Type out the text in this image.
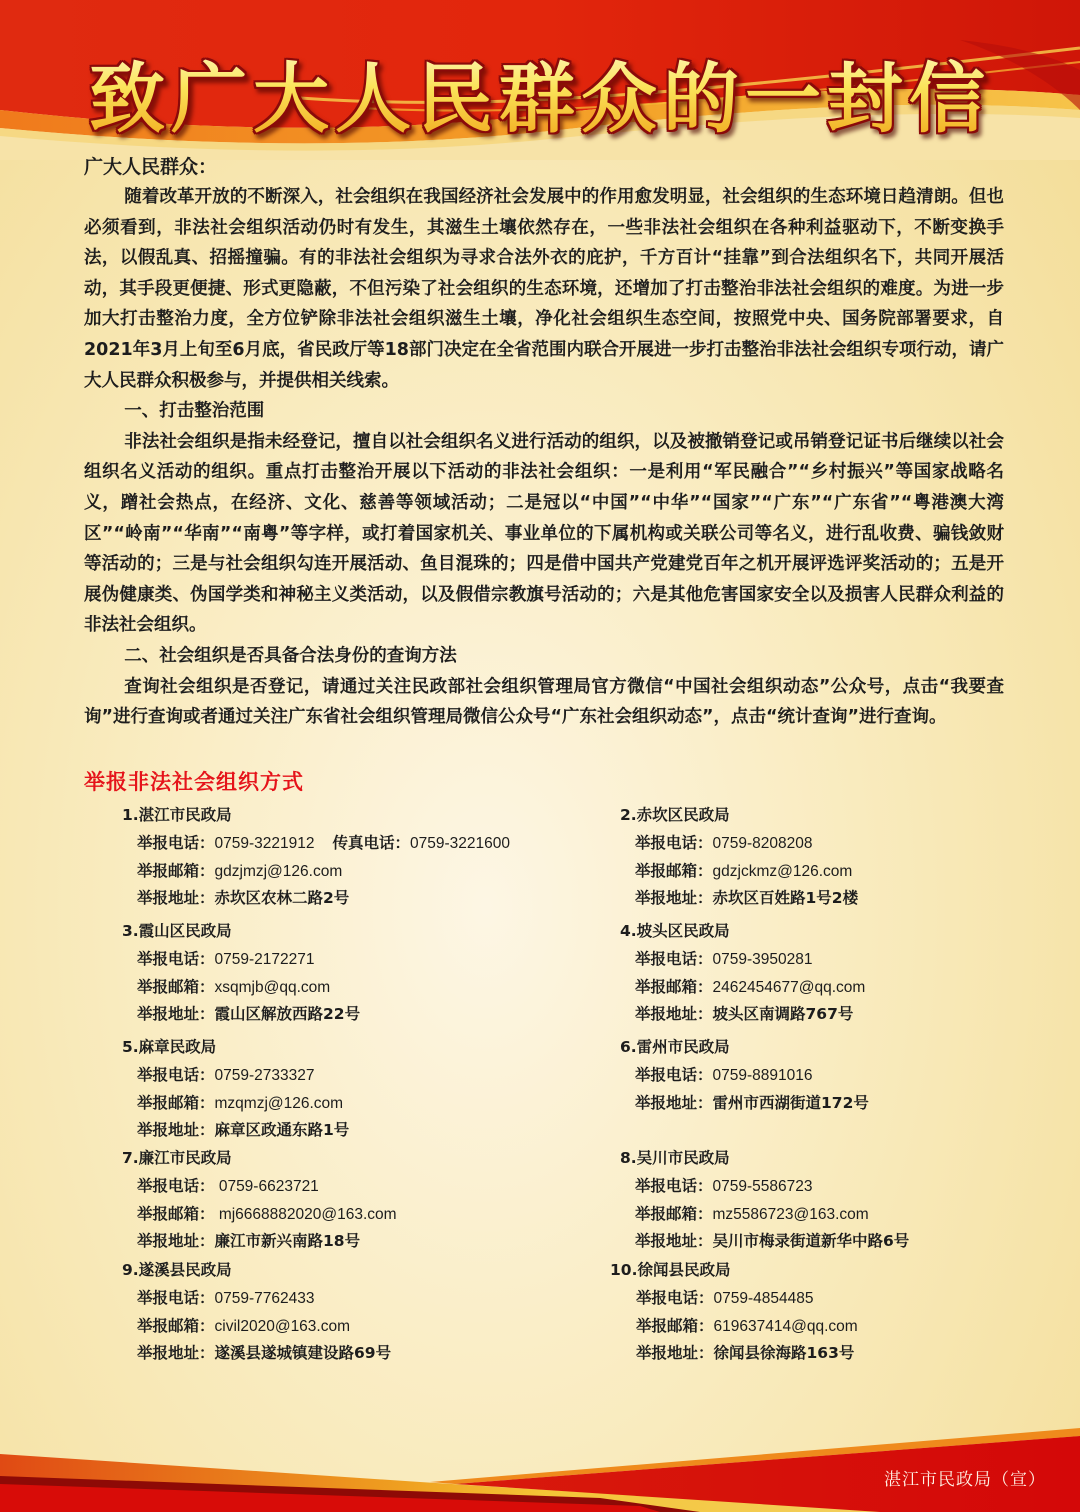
致广大人民群众的一封信

广大人民群众：

随着改革开放的不断深入，社会组织在我国经济社会发展中的作用愈发明显，社会组织的生态环境日趋清朗。但也必须看到，非法社会组织活动仍时有发生，其滋生土壤依然存在，一些非法社会组织在各种利益驱动下，不断变换手法，以假乱真、招摇撞骗。有的非法社会组织为寻求合法外衣的庇护，千方百计“挂靠”到合法组织名下，共同开展活动，其手段更便捷、形式更隐蔽，不但污染了社会组织的生态环境，还增加了打击整治非法社会组织的难度。为进一步加大打击整治力度，全方位铲除非法社会组织滋生土壤，净化社会组织生态空间，按照党中央、国务院部署要求，自2021年3月上旬至6月底，省民政厅等18部门决定在全省范围内联合开展进一步打击整治非法社会组织专项行动，请广大人民群众积极参与，并提供相关线索。

一、打击整治范围

非法社会组织是指未经登记，擅自以社会组织名义进行活动的组织，以及被撤销登记或吊销登记证书后继续以社会组织名义活动的组织。重点打击整治开展以下活动的非法社会组织：一是利用“军民融合”“乡村振兴”等国家战略名义，蹭社会热点，在经济、文化、慈善等领域活动；二是冠以“中国”“中华”“国家”“广东”“广东省”“粤港澳大湾区”“岭南”“华南”“南粤”等字样，或打着国家机关、事业单位的下属机构或关联公司等名义，进行乱收费、骗钱敛财等活动的；三是与社会组织勾连开展活动、鱼目混珠的；四是借中国共产党建党百年之机开展评选评奖活动的；五是开展伪健康类、伪国学类和神秘主义类活动，以及假借宗教旗号活动的；六是其他危害国家安全以及损害人民群众利益的非法社会组织。

二、社会组织是否具备合法身份的查询方法

查询社会组织是否登记，请通过关注民政部社会组织管理局官方微信“中国社会组织动态”公众号，点击“我要查询”进行查询或者通过关注广东省社会组织管理局微信公众号“广东社会组织动态”，点击“统计查询”进行查询。

举报非法社会组织方式
1.湛江市民政局
举报电话：0759-3221912 传真电话：0759-3221600
举报邮箱：gdzjmzj@126.com
举报地址：赤坎区农林二路2号
2.赤坎区民政局
举报电话：0759-8208208
举报邮箱：gdzjckmz@126.com
举报地址：赤坎区百姓路1号2楼
3.霞山区民政局
举报电话：0759-2172271
举报邮箱：xsqmjb@qq.com
举报地址：霞山区解放西路22号
4.坡头区民政局
举报电话：0759-3950281
举报邮箱：2462454677@qq.com
举报地址：坡头区南调路767号
5.麻章民政局
举报电话：0759-2733327
举报邮箱：mzqmzj@126.com
举报地址：麻章区政通东路1号
6.雷州市民政局
举报电话：0759-8891016
举报地址：雷州市西湖街道172号
7.廉江市民政局
举报电话： 0759-6623721
举报邮箱： mj6668882020@163.com
举报地址：廉江市新兴南路18号
8.吴川市民政局
举报电话：0759-5586723
举报邮箱：mz5586723@163.com
举报地址：吴川市梅录街道新华中路6号
9.遂溪县民政局
举报电话：0759-7762433
举报邮箱：civil2020@163.com
举报地址：遂溪县遂城镇建设路69号
10.徐闻县民政局
举报电话：0759-4854485
举报邮箱：619637414@qq.com
举报地址：徐闻县徐海路163号
湛江市民政局（宣）
